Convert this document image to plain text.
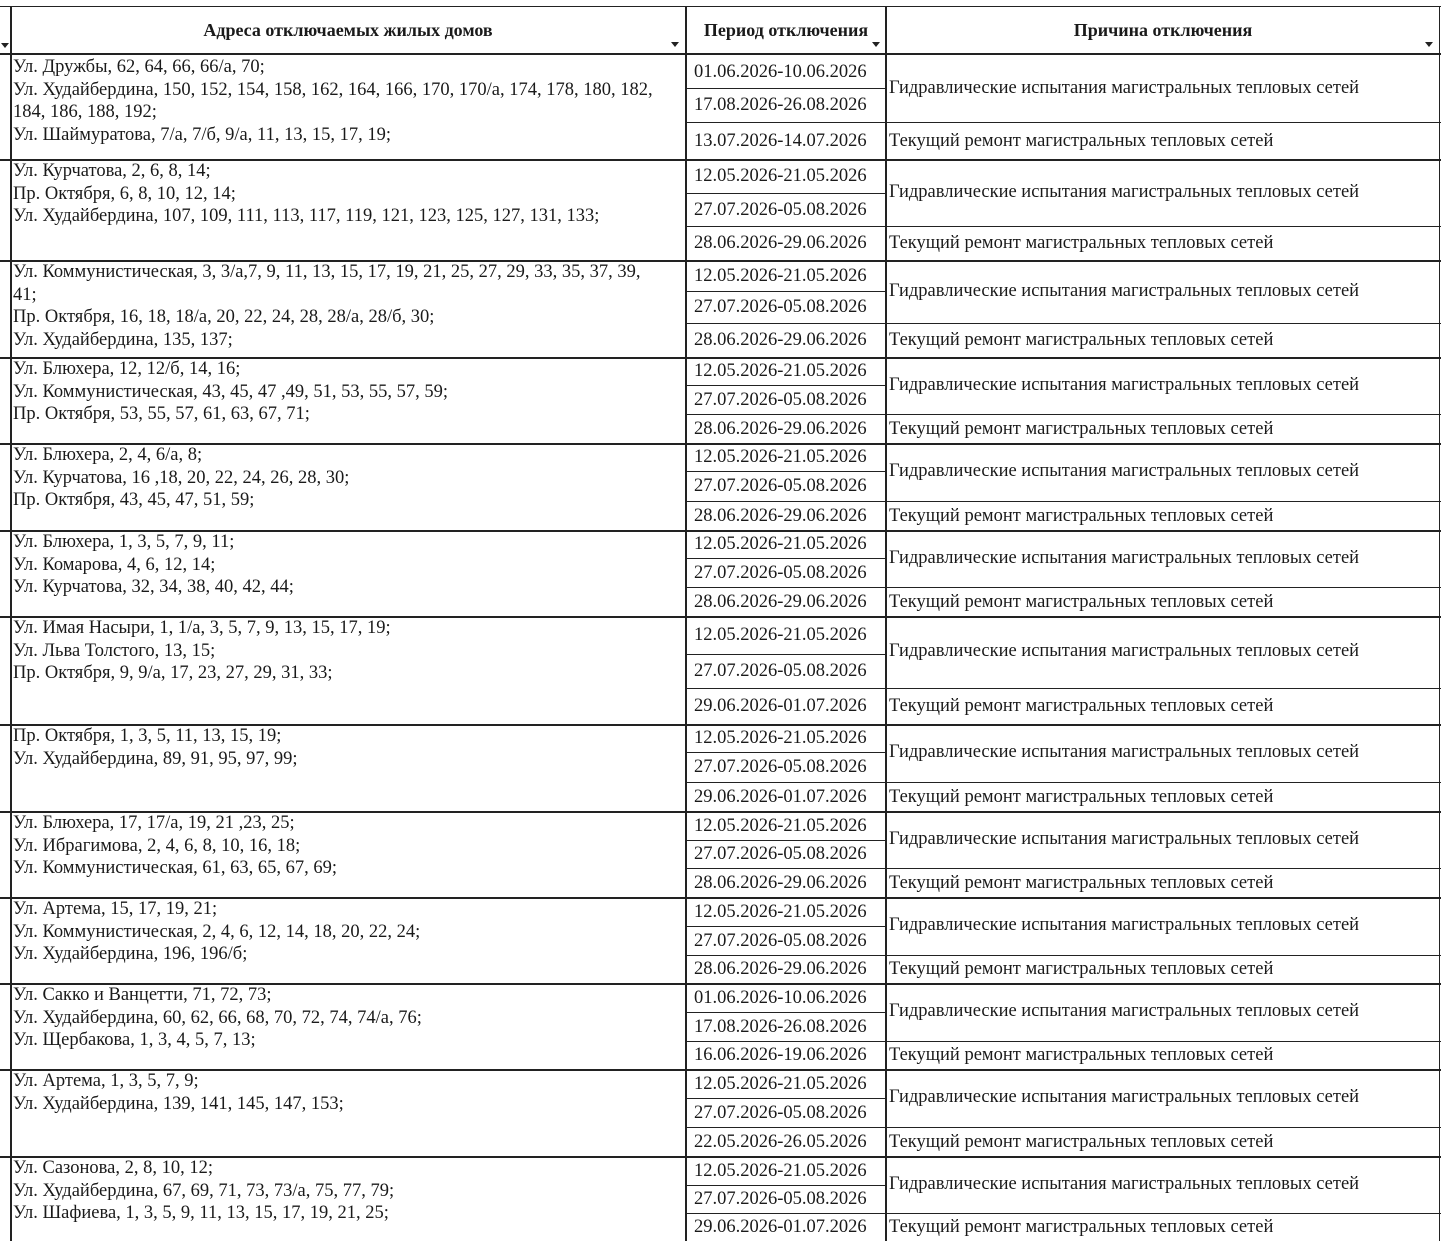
Адреса отключаемых жилых домов	Период отключения	Причина отключения
Ул. Дружбы, 62, 64, 66, 66/а, 70;
Ул. Худайбердина, 150, 152, 154, 158, 162, 164, 166, 170, 170/а, 174, 178, 180, 182,
184, 186, 188, 192;
Ул. Шаймуратова, 7/а, 7/б, 9/а, 11, 13, 15, 17, 19;
01.06.2026-10.06.2026
17.08.2026-26.08.2026
13.07.2026-14.07.2026
Гидравлические испытания магистральных тепловых сетей
Текущий ремонт магистральных тепловых сетей
Ул. Курчатова, 2, 6, 8, 14;
Пр. Октября, 6, 8, 10, 12, 14;
Ул. Худайбердина, 107, 109, 111, 113, 117, 119, 121, 123, 125, 127, 131, 133;
12.05.2026-21.05.2026
27.07.2026-05.08.2026
28.06.2026-29.06.2026
Гидравлические испытания магистральных тепловых сетей
Текущий ремонт магистральных тепловых сетей
Ул. Коммунистическая, 3, 3/а,7, 9, 11, 13, 15, 17, 19, 21, 25, 27, 29, 33, 35, 37, 39,
41;
Пр. Октября, 16, 18, 18/а, 20, 22, 24, 28, 28/а, 28/б, 30;
Ул. Худайбердина, 135, 137;
12.05.2026-21.05.2026
27.07.2026-05.08.2026
28.06.2026-29.06.2026
Гидравлические испытания магистральных тепловых сетей
Текущий ремонт магистральных тепловых сетей
Ул. Блюхера, 12, 12/б, 14, 16;
Ул. Коммунистическая, 43, 45, 47 ,49, 51, 53, 55, 57, 59;
Пр. Октября, 53, 55, 57, 61, 63, 67, 71;
12.05.2026-21.05.2026
27.07.2026-05.08.2026
28.06.2026-29.06.2026
Гидравлические испытания магистральных тепловых сетей
Текущий ремонт магистральных тепловых сетей
Ул. Блюхера, 2, 4, 6/а, 8;
Ул. Курчатова, 16 ,18, 20, 22, 24, 26, 28, 30;
Пр. Октября, 43, 45, 47, 51, 59;
12.05.2026-21.05.2026
27.07.2026-05.08.2026
28.06.2026-29.06.2026
Гидравлические испытания магистральных тепловых сетей
Текущий ремонт магистральных тепловых сетей
Ул. Блюхера, 1, 3, 5, 7, 9, 11;
Ул. Комарова, 4, 6, 12, 14;
Ул. Курчатова, 32, 34, 38, 40, 42, 44;
12.05.2026-21.05.2026
27.07.2026-05.08.2026
28.06.2026-29.06.2026
Гидравлические испытания магистральных тепловых сетей
Текущий ремонт магистральных тепловых сетей
Ул. Имая Насыри, 1, 1/а, 3, 5, 7, 9, 13, 15, 17, 19;
Ул. Льва Толстого, 13, 15;
Пр. Октября, 9, 9/а, 17, 23, 27, 29, 31, 33;
12.05.2026-21.05.2026
27.07.2026-05.08.2026
29.06.2026-01.07.2026
Гидравлические испытания магистральных тепловых сетей
Текущий ремонт магистральных тепловых сетей
Пр. Октября, 1, 3, 5, 11, 13, 15, 19;
Ул. Худайбердина, 89, 91, 95, 97, 99;
12.05.2026-21.05.2026
27.07.2026-05.08.2026
29.06.2026-01.07.2026
Гидравлические испытания магистральных тепловых сетей
Текущий ремонт магистральных тепловых сетей
Ул. Блюхера, 17, 17/а, 19, 21 ,23, 25;
Ул. Ибрагимова, 2, 4, 6, 8, 10, 16, 18;
Ул. Коммунистическая, 61, 63, 65, 67, 69;
12.05.2026-21.05.2026
27.07.2026-05.08.2026
28.06.2026-29.06.2026
Гидравлические испытания магистральных тепловых сетей
Текущий ремонт магистральных тепловых сетей
Ул. Артема, 15, 17, 19, 21;
Ул. Коммунистическая, 2, 4, 6, 12, 14, 18, 20, 22, 24;
Ул. Худайбердина, 196, 196/б;
12.05.2026-21.05.2026
27.07.2026-05.08.2026
28.06.2026-29.06.2026
Гидравлические испытания магистральных тепловых сетей
Текущий ремонт магистральных тепловых сетей
Ул. Сакко и Ванцетти, 71, 72, 73;
Ул. Худайбердина, 60, 62, 66, 68, 70, 72, 74, 74/а, 76;
Ул. Щербакова, 1, 3, 4, 5, 7, 13;
01.06.2026-10.06.2026
17.08.2026-26.08.2026
16.06.2026-19.06.2026
Гидравлические испытания магистральных тепловых сетей
Текущий ремонт магистральных тепловых сетей
Ул. Артема, 1, 3, 5, 7, 9;
Ул. Худайбердина, 139, 141, 145, 147, 153;
12.05.2026-21.05.2026
27.07.2026-05.08.2026
22.05.2026-26.05.2026
Гидравлические испытания магистральных тепловых сетей
Текущий ремонт магистральных тепловых сетей
Ул. Сазонова, 2, 8, 10, 12;
Ул. Худайбердина, 67, 69, 71, 73, 73/а, 75, 77, 79;
Ул. Шафиева, 1, 3, 5, 9, 11, 13, 15, 17, 19, 21, 25;
12.05.2026-21.05.2026
27.07.2026-05.08.2026
29.06.2026-01.07.2026
Гидравлические испытания магистральных тепловых сетей
Текущий ремонт магистральных тепловых сетей
